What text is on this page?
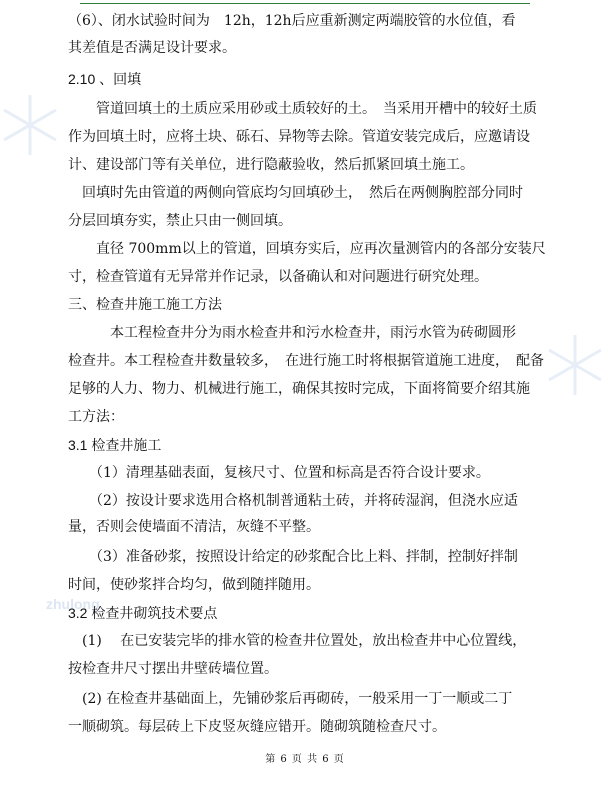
zhulong

（6）、闭水试验时间为　12h，12h后应重新测定两端胶管的水位值，看

其差值是否满足设计要求。

2.10 、回填

　　管道回填土的土质应采用砂或土质较好的土。　当采用开槽中的较好土质

作为回填土时，应将土块、砾石、异物等去除。管道安装完成后，应邀请设

计、建设部门等有关单位，进行隐蔽验收，然后抓紧回填土施工。

　回填时先由管道的两侧向管底均匀回填砂土，　然后在两侧胸腔部分同时

分层回填夯实，禁止只由一侧回填。

　　直径 700mm以上的管道，回填夯实后，应再次量测管内的各部分安装尺

寸，检查管道有无异常并作记录，以备确认和对问题进行研究处理。

三、检查井施工施工方法

　　　本工程检查井分为雨水检查井和污水检查井，雨污水管为砖砌圆形

检查井。本工程检查井数量较多，　在进行施工时将根据管道施工进度，　配备

足够的人力、物力、机械进行施工，确保其按时完成，下面将简要介绍其施

工方法：

3.1 检查井施工

　　（1）清理基础表面，复核尺寸、位置和标高是否符合设计要求。

　　（2）按设计要求选用合格机制普通粘土砖，并将砖湿润，但浇水应适

量，否则会使墙面不清洁，灰缝不平整。

　　（3）准备砂浆，按照设计给定的砂浆配合比上料、拌制，控制好拌制

时间，使砂浆拌合均匀，做到随拌随用。

3.2 检查井砌筑技术要点

　(1)　 在已安装完毕的排水管的检查井位置处，放出检查井中心位置线，

按检查井尺寸摆出井壁砖墙位置。

　(2) 在检查井基础面上，先铺砂浆后再砌砖，一般采用一丁一顺或二丁

一顺砌筑。每层砖上下皮竖灰缝应错开。随砌筑随检查尺寸。

第 6 页 共 6 页
